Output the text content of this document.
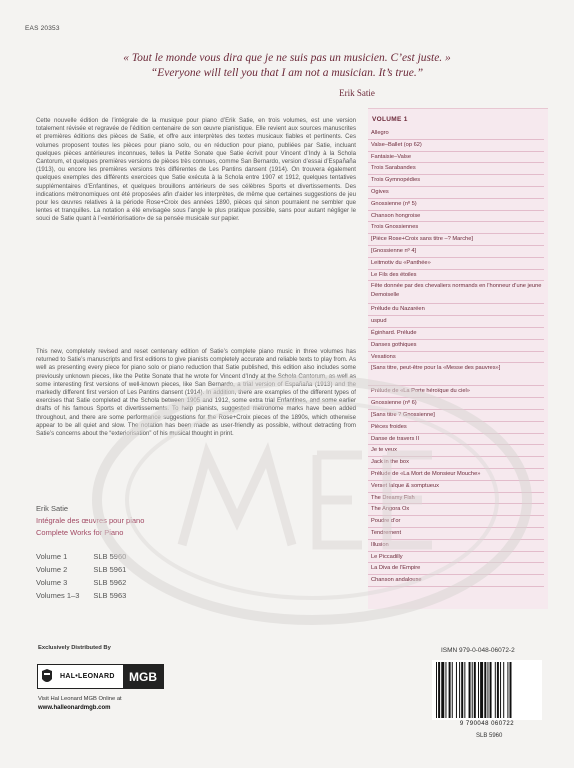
EAS 20353
« Tout le monde vous dira que je ne suis pas un musicien. C’est juste. »
“Everyone will tell you that I am not a musician. It’s true.”
Erik Satie

Cette nouvelle édition de l’intégrale de la musique pour piano d’Erik Satie, en trois volumes, est une version totalement révisée et regravée de l’édition centenaire de son œuvre pianistique. Elle revient aux sources manuscrites et premières éditions des pièces de Satie, et offre aux interprètes des textes musicaux fiables et pertinents. Ces volumes proposent toutes les pièces pour piano solo, ou en réduction pour piano, publiées par Satie, incluant quelques pièces antérieures inconnues, telles la Petite Sonate que Satie écrivit pour Vincent d’Indy à la Schola Cantorum, et quelques premières versions de pièces très connues, comme San Bernardo, version d’essai d’Españaña (1913), ou encore les premières versions très différentes de Les Pantins dansent (1914). On trouvera également quelques exemples des différents exercices que Satie exécuta à la Schola entre 1907 et 1912, quelques tentatives supplémentaires d’Enfantines, et quelques brouillons antérieurs de ses célèbres Sports et divertissements. Des indications métronomiques ont été proposées afin d’aider les interprètes, de même que certaines suggestions de jeu pour les œuvres relatives à la période Rose+Croix des années 1890, pièces qui sinon pourraient ne sembler que lentes et tranquilles. La notation a été envisagée sous l’angle le plus pratique possible, sans pour autant négliger le souci de Satie quant à l’«extériorisation» de sa pensée musicale sur papier.

This new, completely revised and reset centenary edition of Satie’s complete piano music in three volumes has returned to Satie’s manuscripts and first editions to give pianists completely accurate and reliable texts to play from. As well as presenting every piece for piano solo or piano reduction that Satie published, this edition also includes some previously unknown pieces, like the Petite Sonate that he wrote for Vincent d’Indy at the Schola Cantorum, as well as some interesting first versions of well-known pieces, like San Bernardo, a trial version of Españaña (1913) and the markedly different first version of Les Pantins dansent (1914). In addition, there are examples of the different types of exercises that Satie completed at the Schola between 1905 and 1912, some extra trial Enfantines, and some earlier drafts of his famous Sports et divertissements. To help pianists, suggested metronome marks have been added throughout, and there are some performance suggestions for the Rose+Croix pieces of the 1890s, which otherwise appear to be all quiet and slow. The notation has been made as user-friendly as possible, without detracting from Satie’s concerns about the “exteriorisation” of his musical thought in print.

VOLUME 1
Allegro
Valse–Ballet (op 62)
Fantaisie–Valse
Trois Sarabandes
Trois Gymnopédies
Ogives
Gnossienne (nº 5)
Chanson hongroise
Trois Gnossiennes
[Pièce Rose+Croix sans titre –? Marche]
[Gnossienne nº 4]
Leitmotiv du «Panthée»
Le Fils des étoiles
Fête donnée par des chevaliers normands en l’honneur d’une jeune Demoiselle
Prélude du Nazaréen
uspud
Éginhard. Prélude
Danses gothiques
Vexations
[Sans titre, peut-être pour la «Messe des pauvres»]
Prélude de «La Porte héroïque du ciel»
Gnossienne (nº 6)
[Sans titre ? Gnossienne]
Pièces froides
Danse de travers II
Je te veux
Jack in the box
Prélude de «La Mort de Monsieur Mouche»
Verset laïque & somptueux
The Dreamy Fish
The Angora Ox
Poudre d’or
Tendrement
Illusion
Le Piccadilly
La Diva de l’Empire
Chanson andalouse
Erik Satie
Intégrale des œuvres pour piano
Complete Works for Piano
Volume 1	SLB 5960
Volume 2	SLB 5961
Volume 3	SLB 5962
Volumes 1–3	SLB 5963
Exclusively Distributed By
HAL•LEONARD	MGB
Visit Hal Leonard MGB Online at
www.halleonardmgb.com
ISMN 979-0-048-06072-2
9 790048 060722
SLB 5960
